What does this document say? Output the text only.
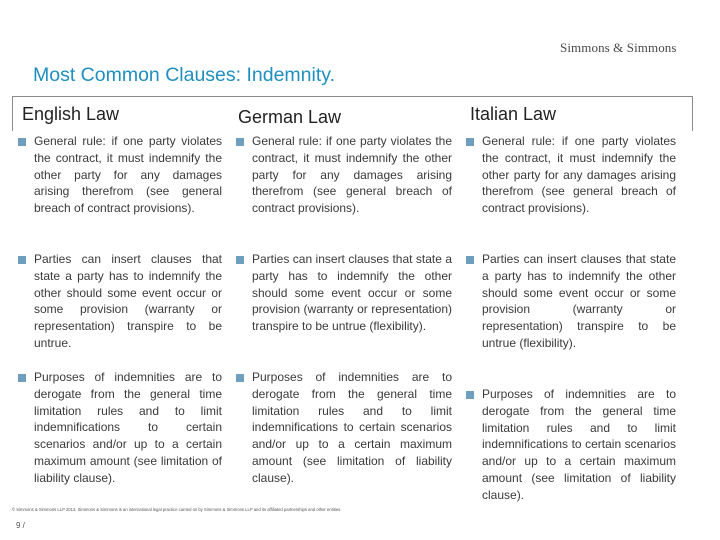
Simmons & Simmons
Most Common Clauses: Indemnity.
English Law	German Law	Italian Law
General rule: if one party violates the contract, it must indemnify the other party for any damages arising therefrom (see general breach of contract provisions).
Parties can insert clauses that state a party has to indemnify the other should some event occur or some provision (warranty or representation) transpire to be untrue.
Purposes of indemnities are to derogate from the general time limitation rules and to limit indemnifications to certain scenarios and/or up to a certain maximum amount (see limitation of liability clause).
General rule: if one party violates the contract, it must indemnify the other party for any damages arising therefrom (see general breach of contract provisions).
Parties can insert clauses that state a party has to indemnify the other should some event occur or some provision (warranty or representation) transpire to be untrue (flexibility).
Purposes of indemnities are to derogate from the general time limitation rules and to limit indemnifications to certain scenarios and/or up to a certain maximum amount (see limitation of liability clause).
General rule: if one party violates the contract, it must indemnify the other party for any damages arising therefrom (see general breach of contract provisions).
Parties can insert clauses that state a party has to indemnify the other should some event occur or some provision (warranty or representation) transpire to be untrue (flexibility).
Purposes of indemnities are to derogate from the general time limitation rules and to limit indemnifications to certain scenarios and/or up to a certain maximum amount (see limitation of liability clause).
© Simmons & Simmons LLP 2013. Simmons & Simmons is an international legal practice carried on by Simmons & Simmons LLP and its affiliated partnerships and other entities.
9 /
